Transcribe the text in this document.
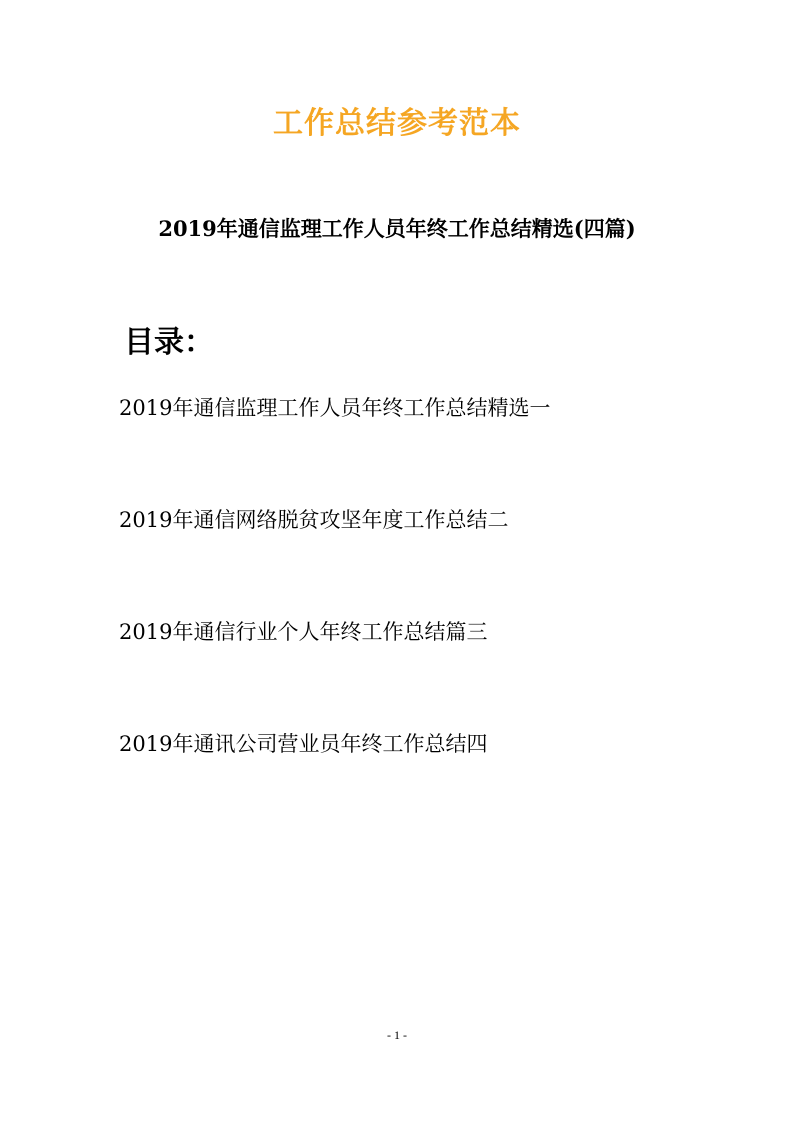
工作总结参考范本
2019年通信监理工作人员年终工作总结精选(四篇)
目录：
2019年通信监理工作人员年终工作总结精选一
2019年通信网络脱贫攻坚年度工作总结二
2019年通信行业个人年终工作总结篇三
2019年通讯公司营业员年终工作总结四
- 1 -
